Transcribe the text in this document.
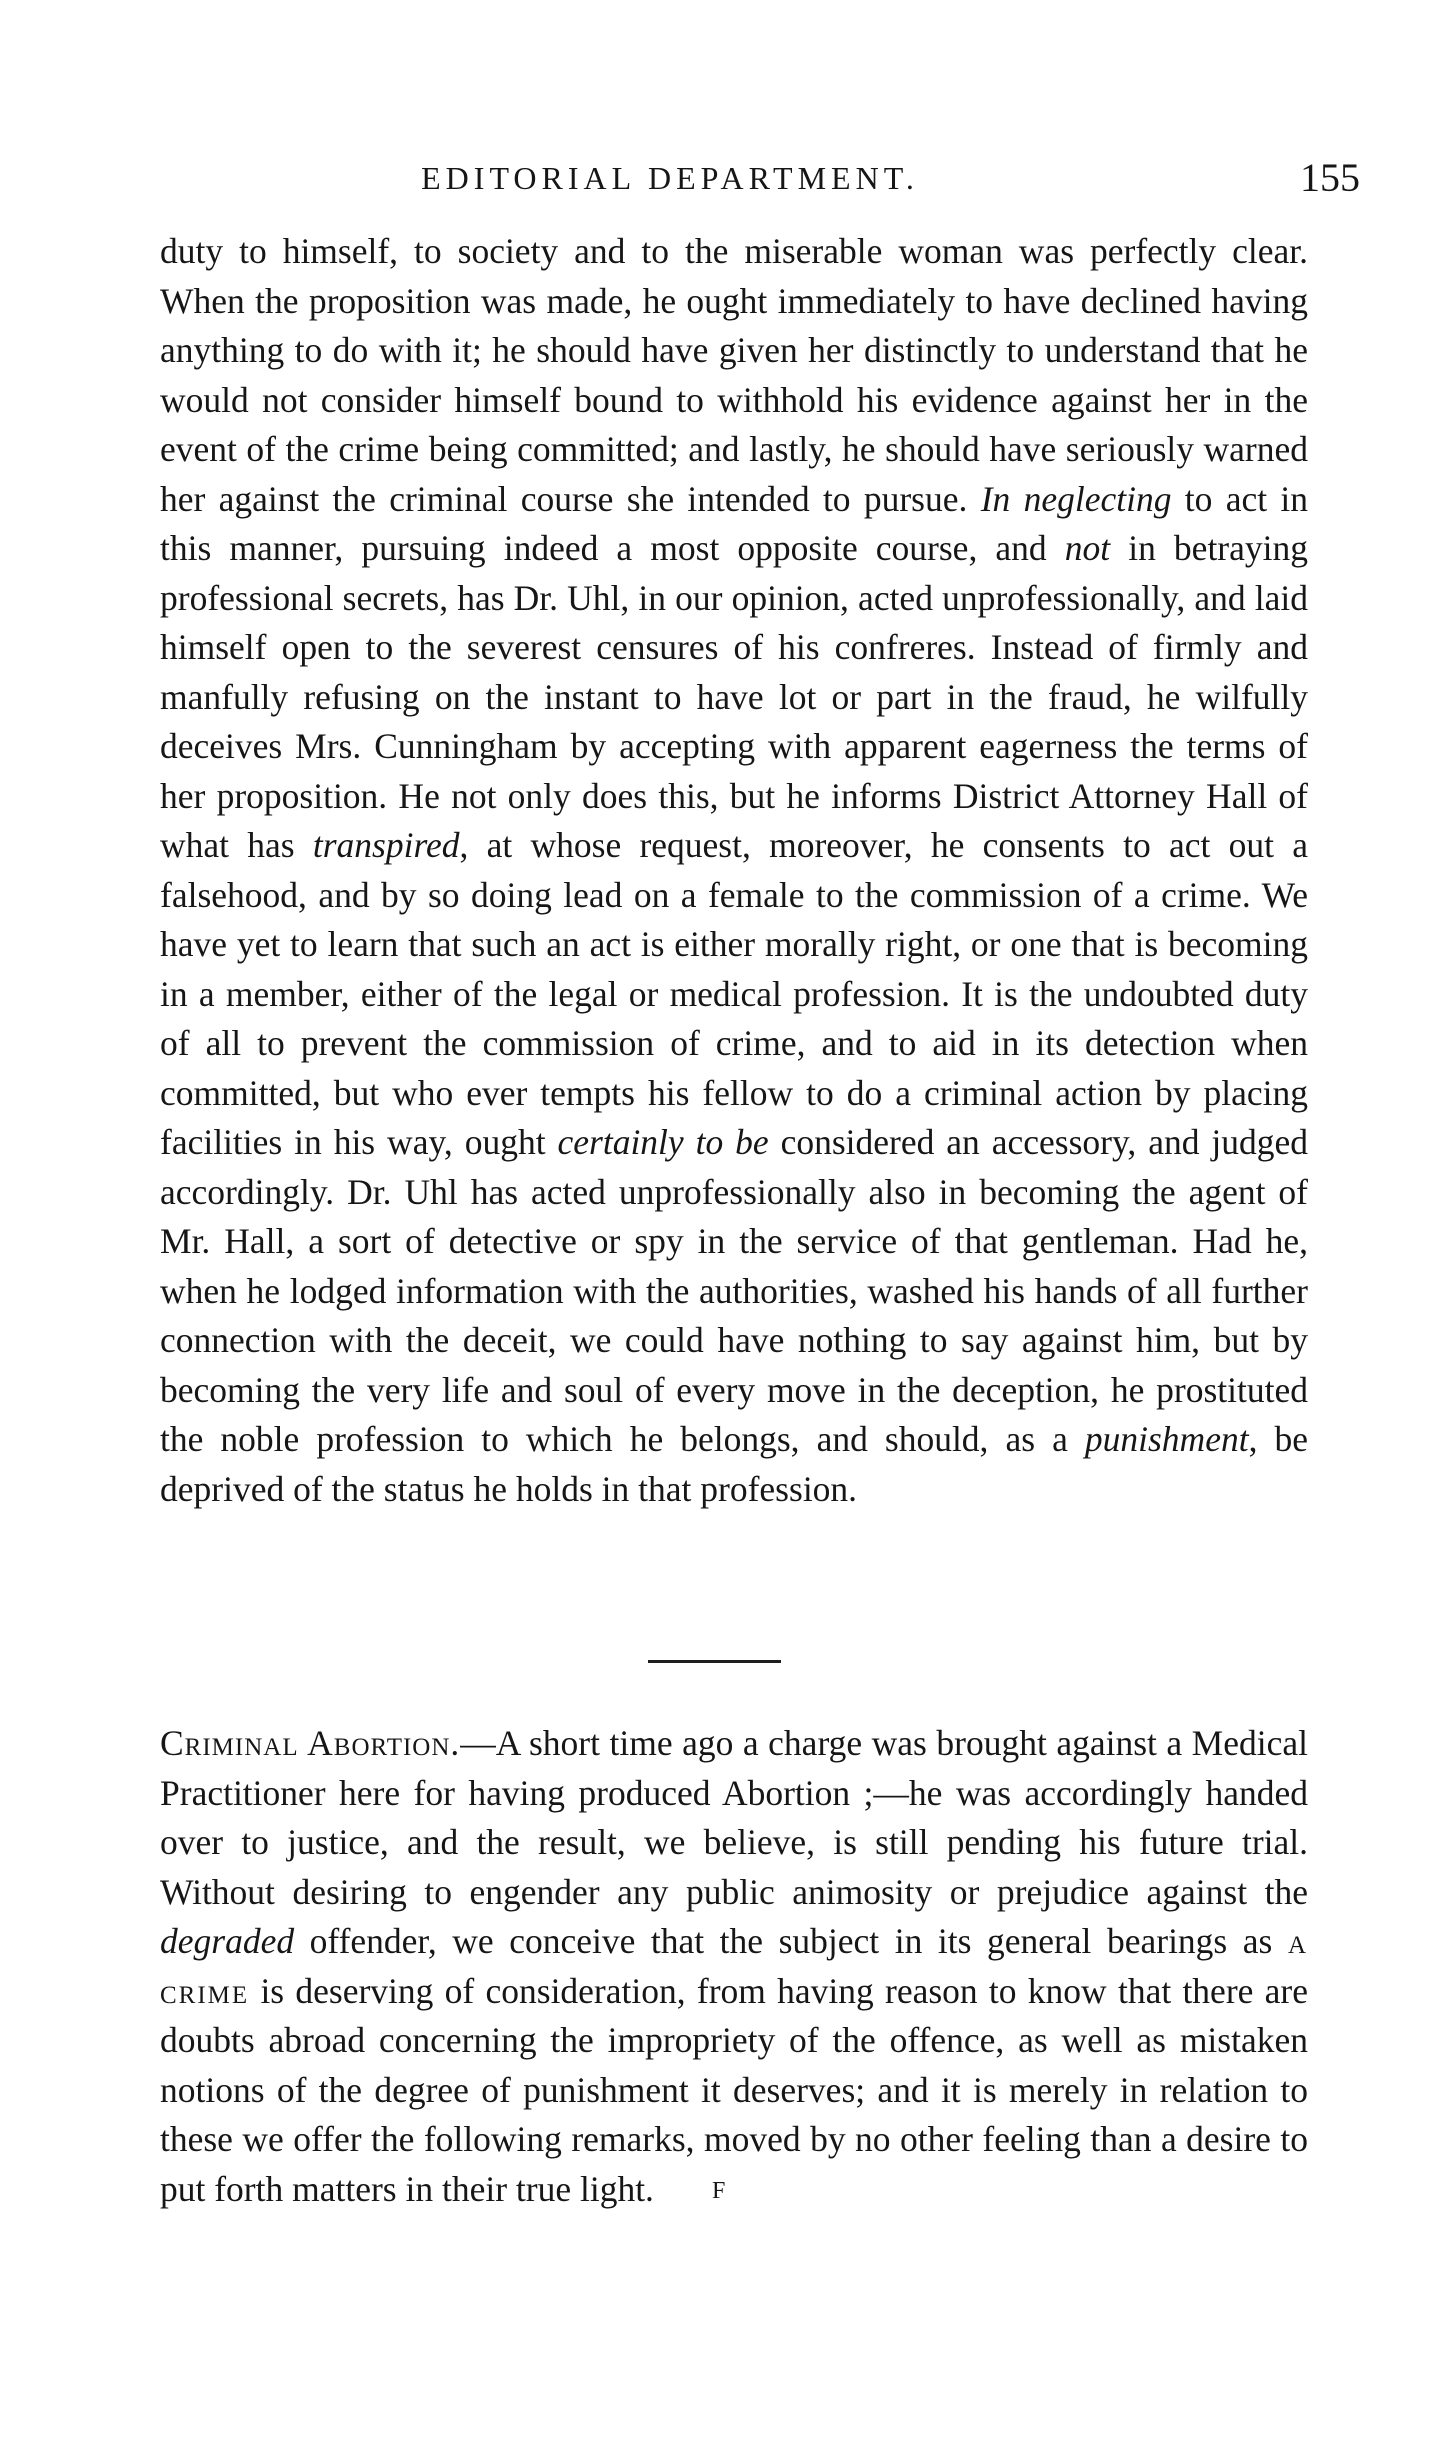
EDITORIAL DEPARTMENT.	155

duty to himself, to society and to the miserable woman was perfectly clear. When the proposition was made, he ought immediately to have declined having anything to do with it; he should have given her distinctly to understand that he would not consider himself bound to withhold his evidence against her in the event of the crime being committed; and lastly, he should have seriously warned her against the criminal course she intended to pursue. In neglecting to act in this manner, pursuing indeed a most opposite course, and not in betraying professional secrets, has Dr. Uhl, in our opinion, acted unprofessionally, and laid himself open to the severest censures of his confreres. Instead of firmly and manfully refusing on the instant to have lot or part in the fraud, he wilfully deceives Mrs. Cunningham by accepting with apparent eagerness the terms of her proposition. He not only does this, but he informs District Attorney Hall of what has transpired, at whose request, moreover, he consents to act out a falsehood, and by so doing lead on a female to the commission of a crime. We have yet to learn that such an act is either morally right, or one that is becoming in a member, either of the legal or medical profession. It is the undoubted duty of all to prevent the commission of crime, and to aid in its detection when committed, but who ever tempts his fellow to do a criminal action by placing facilities in his way, ought certainly to be considered an accessory, and judged accordingly. Dr. Uhl has acted unprofessionally also in becoming the agent of Mr. Hall, a sort of detective or spy in the service of that gentleman. Had he, when he lodged information with the authorities, washed his hands of all further connection with the deceit, we could have nothing to say against him, but by becoming the very life and soul of every move in the deception, he prostituted the noble profession to which he belongs, and should, as a punishment, be deprived of the status he holds in that profession.

Criminal Abortion.—A short time ago a charge was brought against a Medical Practitioner here for having produced Abortion ;—he was accordingly handed over to justice, and the result, we believe, is still pending his future trial. Without desiring to engender any public animosity or prejudice against the degraded offender, we conceive that the subject in its general bearings as a crime is deserving of consideration, from having reason to know that there are doubts abroad concerning the impropriety of the offence, as well as mistaken notions of the degree of punishment it deserves; and it is merely in relation to these we offer the following remarks, moved by no other feeling than a desire to put forth matters in their true light.	F
